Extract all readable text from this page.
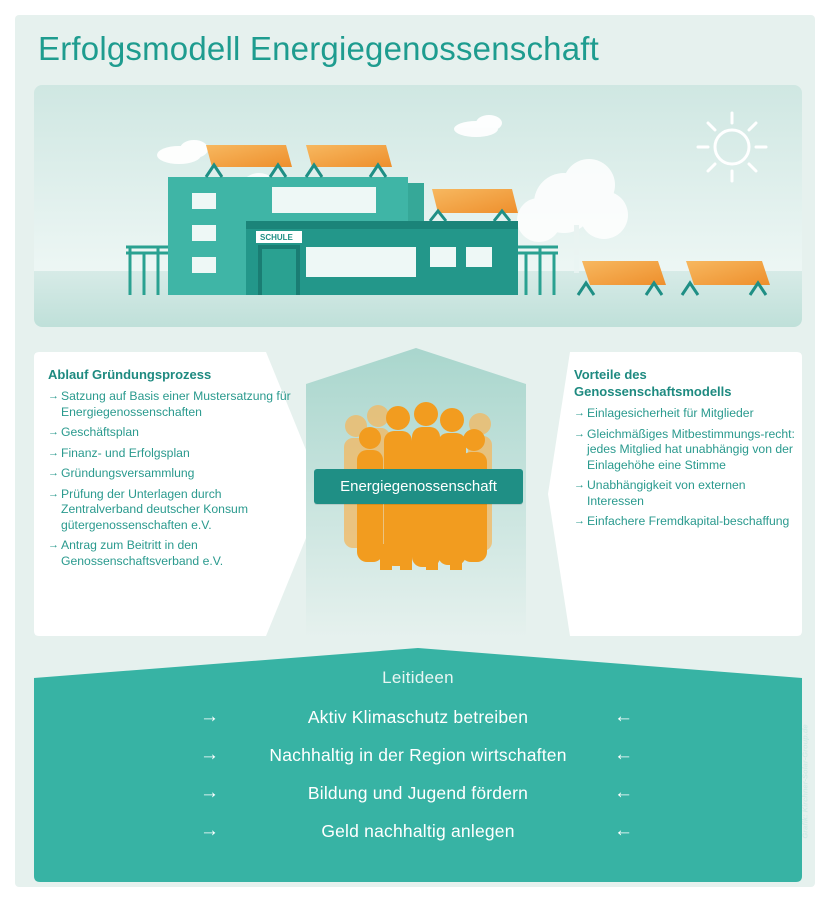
Erfolgsmodell Energiegenossenschaft
SCHULE
Ablauf Gründungsprozess
→ Satzung auf Basis einer Mustersatzung für Energiegenossenschaften
→ Geschäftsplan
→ Finanz- und Erfolgsplan
→ Gründungsversammlung
→ Prüfung der Unterlagen durch Zentralverband deutscher Konsum gütergenossenschaften e.V.
→ Antrag zum Beitritt in den Genossenschaftsverband e.V.
Energiegenossenschaft
Vorteile des Genossenschaftsmodells
→ Einlagesicherheit für Mitglieder
→ Gleichmäßiges Mitbestimmungs-recht: jedes Mitglied hat unabhängig von der Einlagehöhe eine Stimme
→ Unabhängigkeit von externen Interessen
→ Einfachere Fremdkapital-beschaffung
Leitideen
→	Aktiv Klimaschutz betreiben	←
→	Nachhaltig in der Region wirtschaften	←
→	Bildung und Jugend fördern	←
→	Geld nachhaltig anlegen	←	Grafik: Kirchner-Solar-Group.de
